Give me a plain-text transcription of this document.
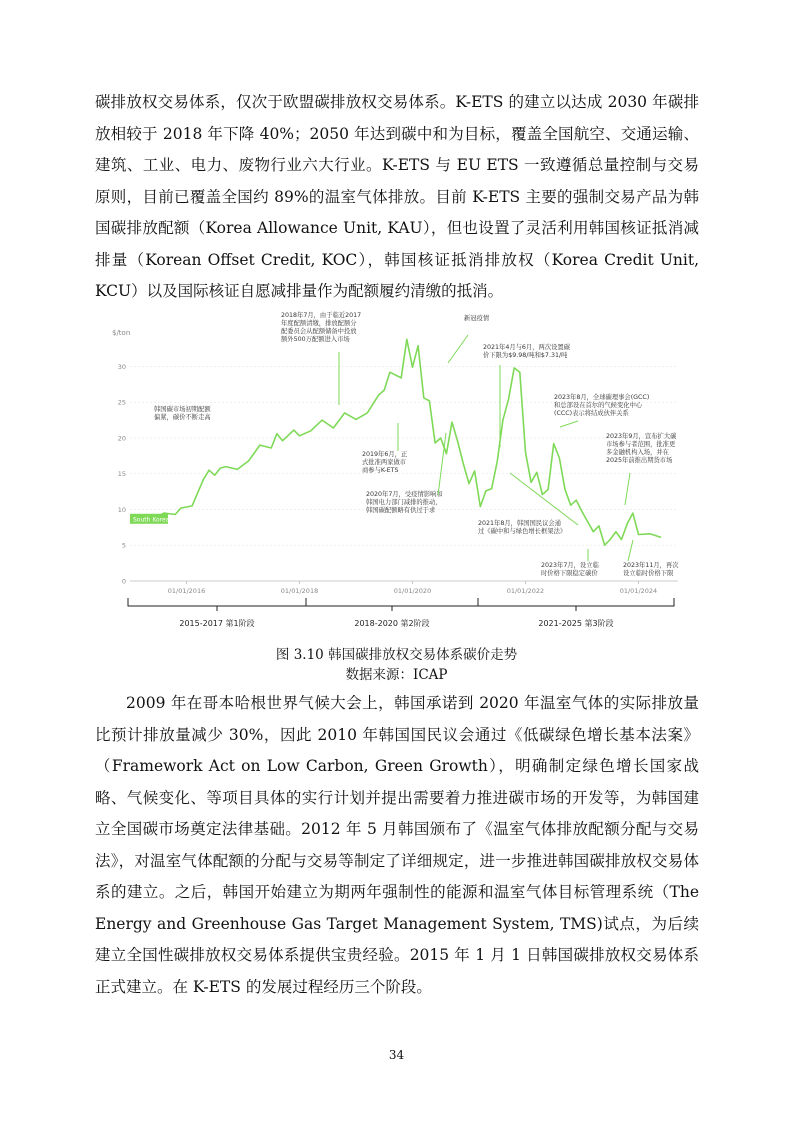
碳排放权交易体系，仅次于欧盟碳排放权交易体系。K-ETS 的建立以达成 2030 年碳排放相较于 2018 年下降 40%；2050 年达到碳中和为目标，覆盖全国航空、交通运输、建筑、工业、电力、废物行业六大行业。K-ETS 与 EU ETS 一致遵循总量控制与交易原则，目前已覆盖全国约 89%的温室气体排放。目前 K-ETS 主要的强制交易产品为韩国碳排放配额（Korea Allowance Unit, KAU），但也设置了灵活利用韩国核证抵消减排量（Korean Offset Credit, KOC），韩国核证抵消排放权（Korea Credit Unit, KCU）以及国际核证自愿减排量作为配额履约清缴的抵消。

$/ton
0
5
10
15
20
25
30
01/01/2016	01/01/2018	01/01/2020	01/01/2022	01/01/2024
South Korea
2018年7月，由于临近2017 年度配额清缴，排放配额分配委员会从配额储备中投放额外500万配额进入市场
新冠疫情
2021年4月与6月，两次设置碳价下限为$9.98/吨和$7.31/吨
2023年8月，全球碳理事会(GCC)和总部设在首尔的气候变化中心(CCC)表示将结成伙伴关系
韩国碳市场初期配额偏紧，碳价不断走高
2019年6月，正式批准两家做市商参与K-ETS
2023年9月，宣布扩大碳市场参与者范围，批准更多金融机构入场，并在 2025年前推出期货市场
2020年7月，受疫情影响和韩国电力部门减排的推动，韩国碳配额略有供过于求
2021年8月，韩国国民议会通过《碳中和与绿色增长框架法》
2023年7月，设立临时价格下限稳定碳价
2023年11月，再次设立临时价格下限
2015-2017 第1阶段	2018-2020 第2阶段	2021-2025 第3阶段
图 3.10 韩国碳排放权交易体系碳价走势
数据来源：ICAP

2009 年在哥本哈根世界气候大会上，韩国承诺到 2020 年温室气体的实际排放量比预计排放量减少 30%，因此 2010 年韩国国民议会通过《低碳绿色增长基本法案》（Framework Act on Low Carbon, Green Growth），明确制定绿色增长国家战略、气候变化、等项目具体的实行计划并提出需要着力推进碳市场的开发等，为韩国建立全国碳市场奠定法律基础。2012 年 5 月韩国颁布了《温室气体排放配额分配与交易法》，对温室气体配额的分配与交易等制定了详细规定，进一步推进韩国碳排放权交易体系的建立。之后，韩国开始建立为期两年强制性的能源和温室气体目标管理系统（The Energy and Greenhouse Gas Target Management System, TMS)试点，为后续建立全国性碳排放权交易体系提供宝贵经验。2015 年 1 月 1 日韩国碳排放权交易体系正式建立。在 K-ETS 的发展过程经历三个阶段。

34
